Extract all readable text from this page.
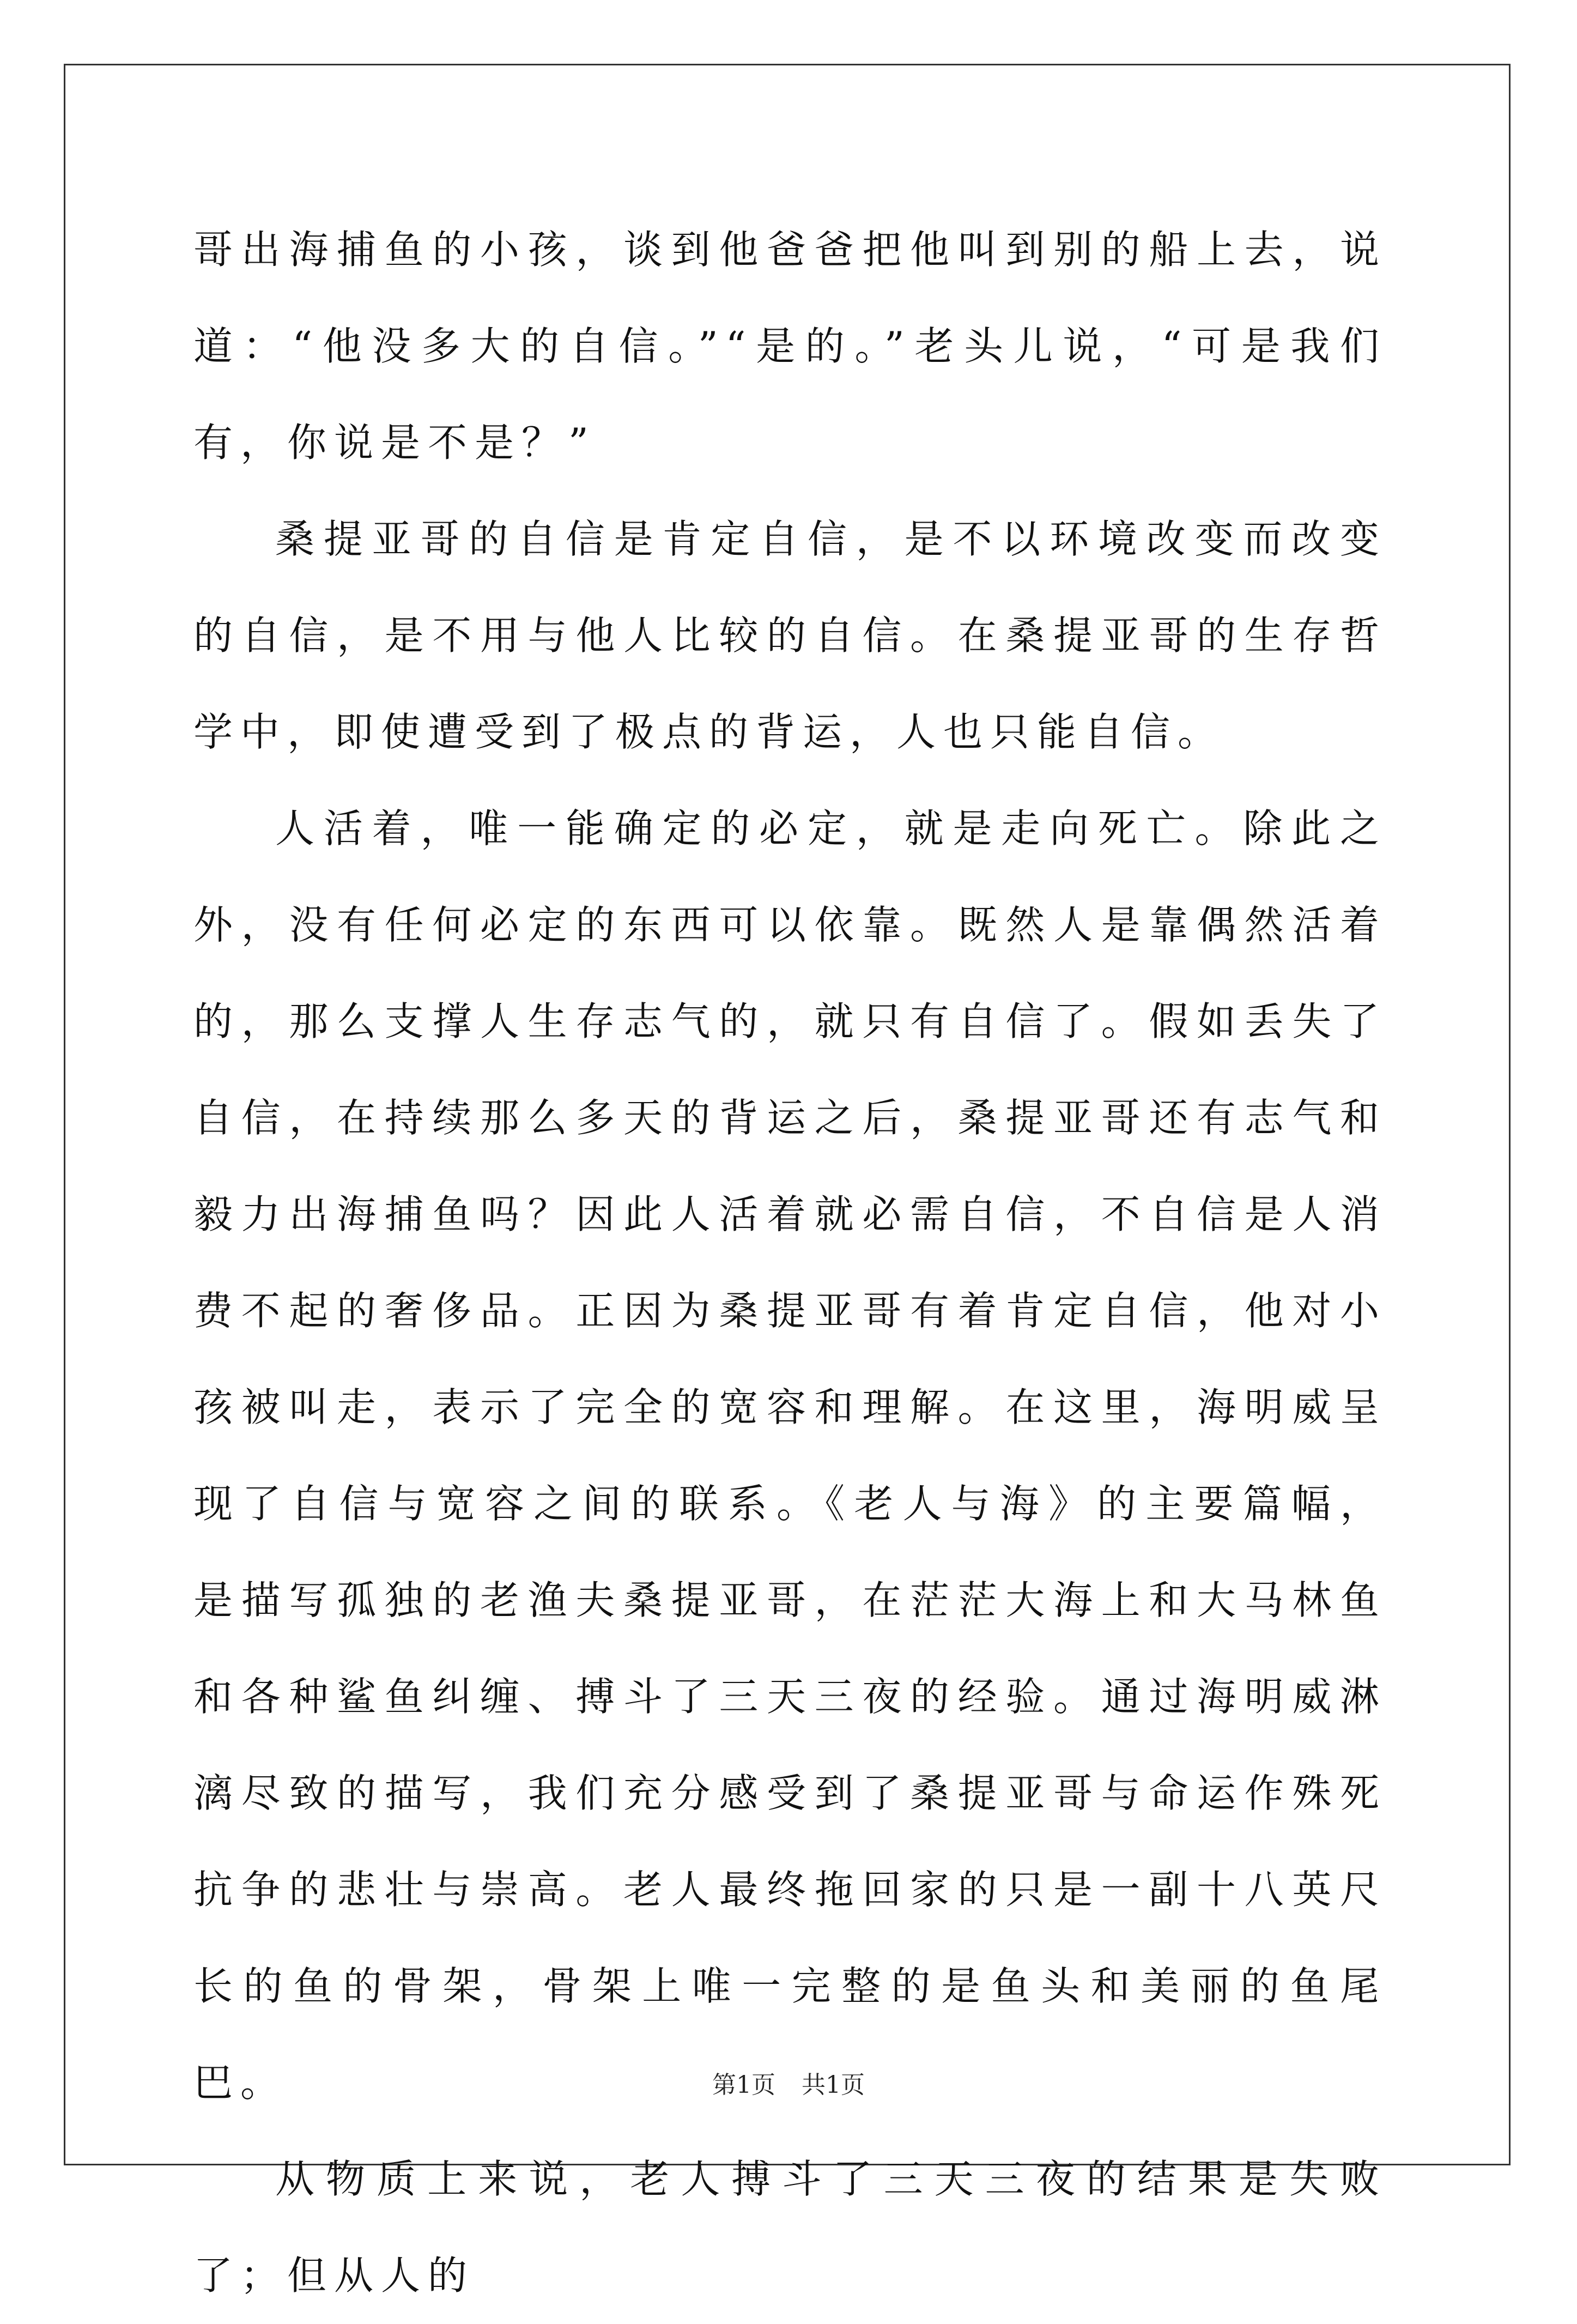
哥出海捕鱼的小孩，谈到他爸爸把他叫到别的船上去，说道：“他没多大的自信。”“是的。”老头儿说，“可是我们有，你说是不是？”

桑提亚哥的自信是肯定自信，是不以环境改变而改变的自信，是不用与他人比较的自信。在桑提亚哥的生存哲学中，即使遭受到了极点的背运，人也只能自信。

人活着，唯一能确定的必定，就是走向死亡。除此之外，没有任何必定的东西可以依靠。既然人是靠偶然活着的，那么支撑人生存志气的，就只有自信了。假如丢失了自信，在持续那么多天的背运之后，桑提亚哥还有志气和毅力出海捕鱼吗？因此人活着就必需自信，不自信是人消费不起的奢侈品。正因为桑提亚哥有着肯定自信，他对小孩被叫走，表示了完全的宽容和理解。在这里，海明威呈现了自信与宽容之间的联系。《老人与海》的主要篇幅，是描写孤独的老渔夫桑提亚哥，在茫茫大海上和大马林鱼和各种鲨鱼纠缠、搏斗了三天三夜的经验。通过海明威淋漓尽致的描写，我们充分感受到了桑提亚哥与命运作殊死抗争的悲壮与崇高。老人最终拖回家的只是一副十八英尺长的鱼的骨架，骨架上唯一完整的是鱼头和美丽的鱼尾巴。

从物质上来说，老人搏斗了三天三夜的结果是失败了；但从人的

第1页 共1页
